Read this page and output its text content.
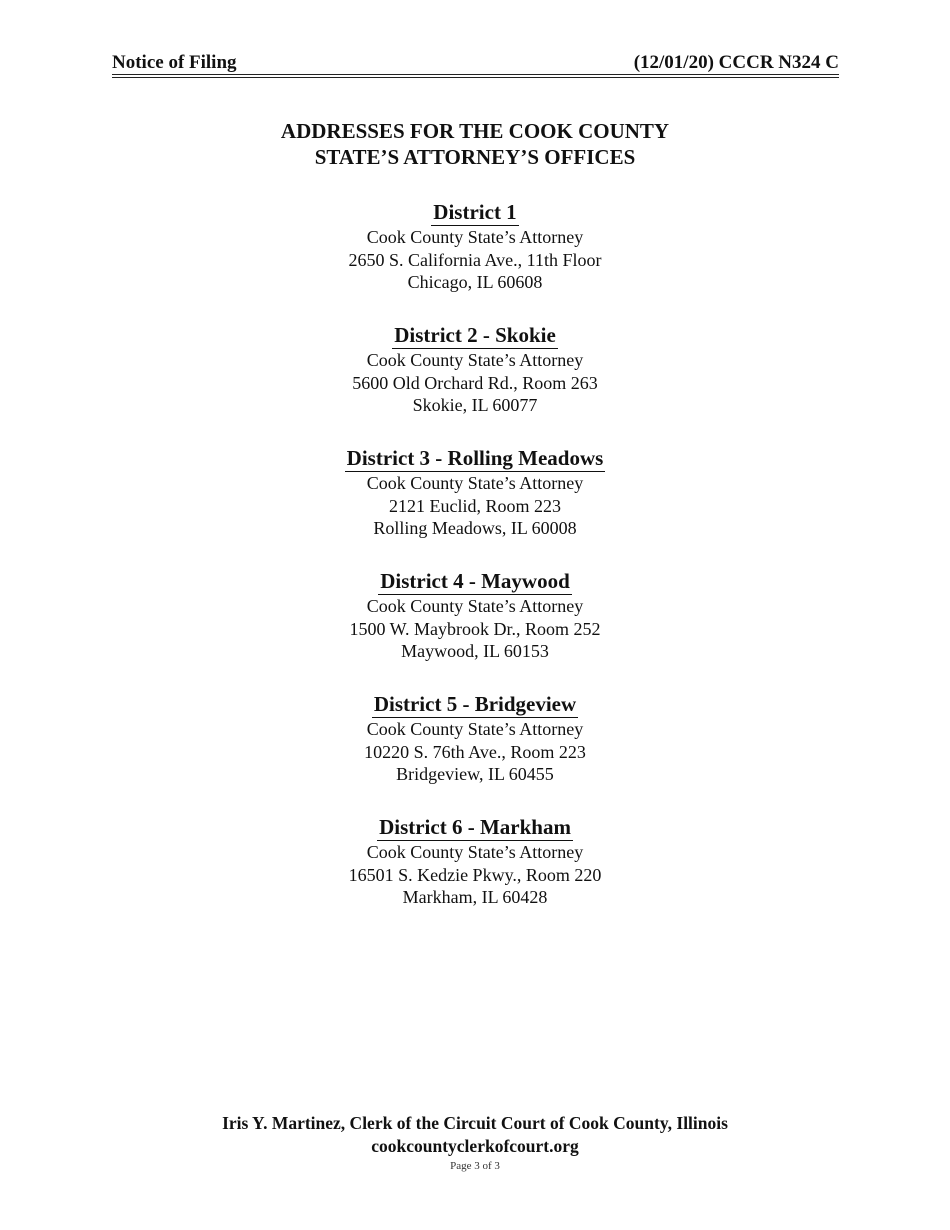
Notice of Filing	(12/01/20) CCCR N324 C
ADDRESSES FOR THE COOK COUNTY
STATE’S ATTORNEY’S OFFICES
District 1
Cook County State’s Attorney
2650 S. California Ave., 11th Floor
Chicago, IL 60608
District 2 - Skokie
Cook County State’s Attorney
5600 Old Orchard Rd., Room 263
Skokie, IL 60077
District 3 - Rolling Meadows
Cook County State’s Attorney
2121 Euclid, Room 223
Rolling Meadows, IL 60008
District 4 - Maywood
Cook County State’s Attorney
1500 W. Maybrook Dr., Room 252
Maywood, IL 60153
District 5 - Bridgeview
Cook County State’s Attorney
10220 S. 76th Ave., Room 223
Bridgeview, IL 60455
District 6 - Markham
Cook County State’s Attorney
16501 S. Kedzie Pkwy., Room 220
Markham, IL 60428
Iris Y. Martinez, Clerk of the Circuit Court of Cook County, Illinois
cookcountyclerkofcourt.org
Page 3 of 3
